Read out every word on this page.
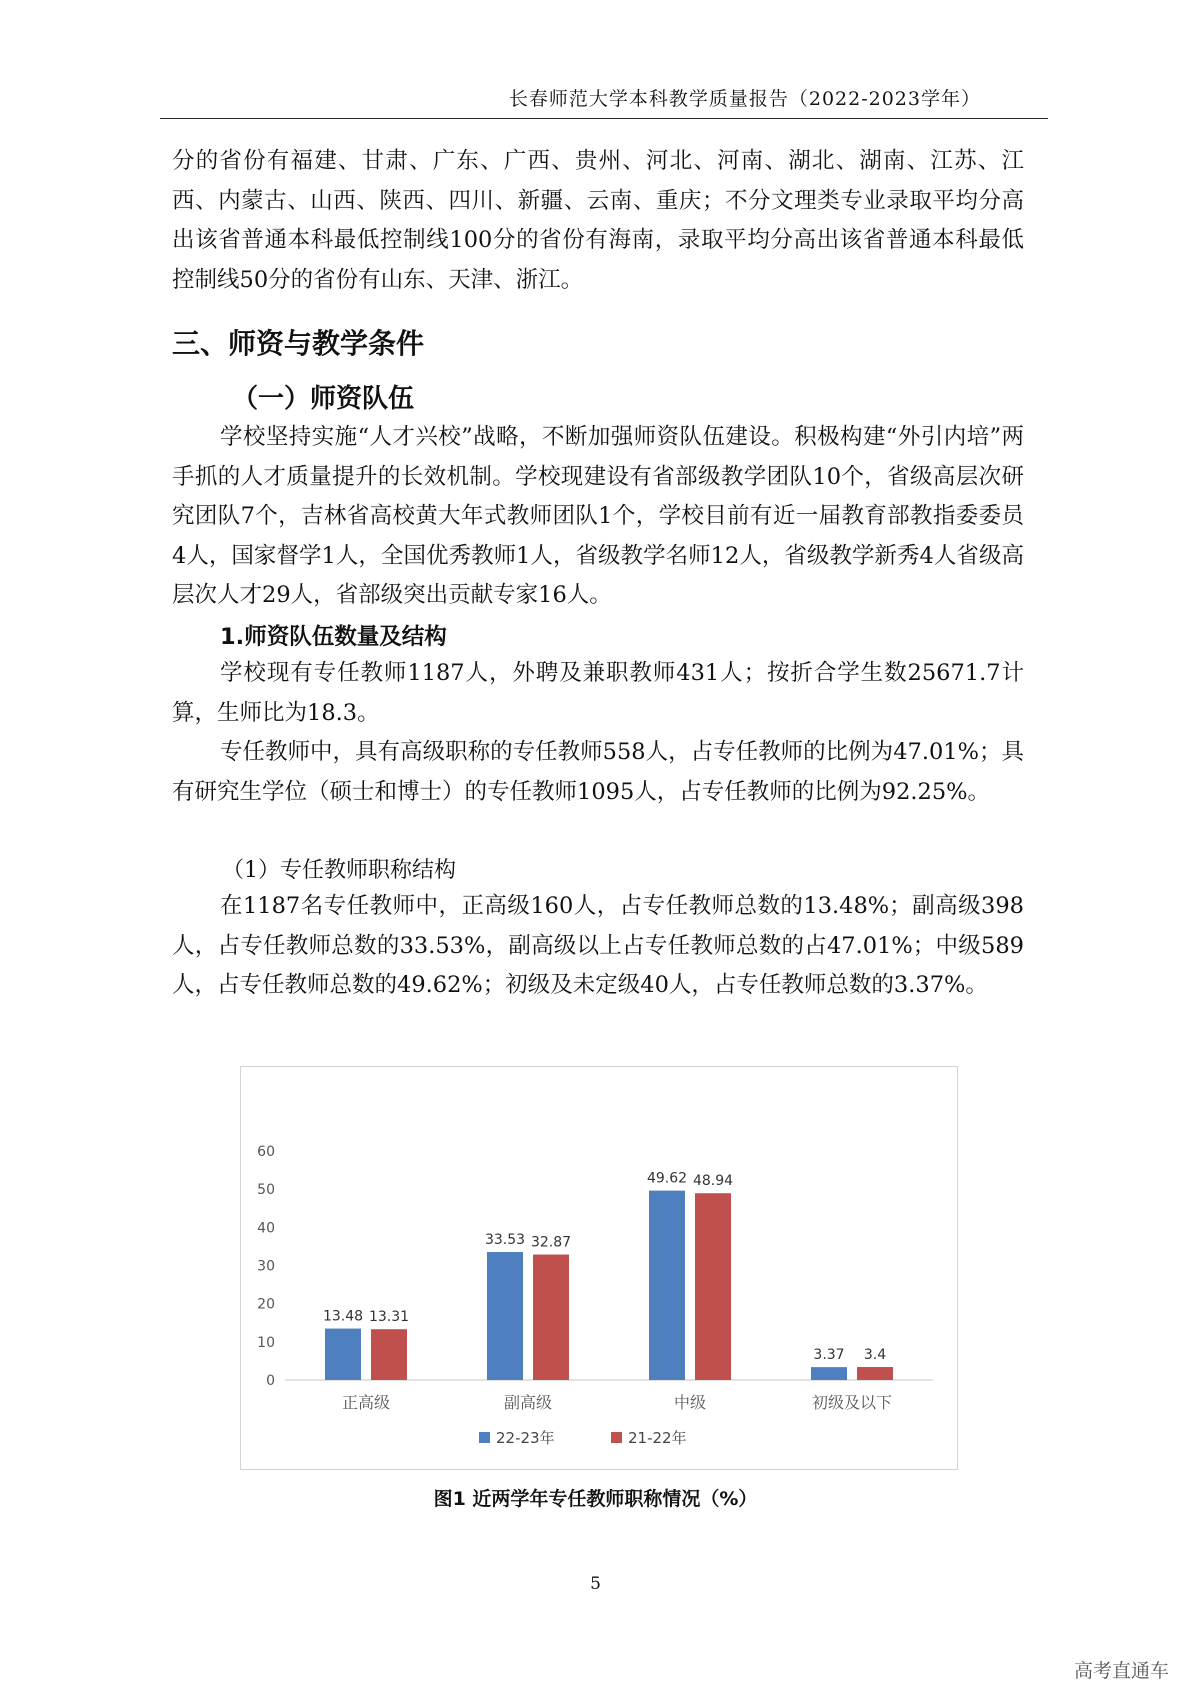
长春师范大学本科教学质量报告（2022-2023学年）

分的省份有福建、甘肃、广东、广西、贵州、河北、河南、湖北、湖南、江苏、江西、内蒙古、山西、陕西、四川、新疆、云南、重庆；不分文理类专业录取平均分高出该省普通本科最低控制线100分的省份有海南，录取平均分高出该省普通本科最低控制线50分的省份有山东、天津、浙江。

三、师资与教学条件
（一）师资队伍

学校坚持实施“人才兴校”战略，不断加强师资队伍建设。积极构建“外引内培”两手抓的人才质量提升的长效机制。学校现建设有省部级教学团队10个，省级高层次研究团队7个，吉林省高校黄大年式教师团队1个，学校目前有近一届教育部教指委委员4人，国家督学1人，全国优秀教师1人，省级教学名师12人，省级教学新秀4人省级高层次人才29人，省部级突出贡献专家16人。

1.师资队伍数量及结构

学校现有专任教师1187人，外聘及兼职教师431人；按折合学生数25671.7计算，生师比为18.3。

专任教师中，具有高级职称的专任教师558人，占专任教师的比例为47.01%；具有研究生学位（硕士和博士）的专任教师1095人，占专任教师的比例为92.25%。

（1）专任教师职称结构

在1187名专任教师中，正高级160人，占专任教师总数的13.48%；副高级398人，占专任教师总数的33.53%，副高级以上占专任教师总数的占47.01%；中级589人，占专任教师总数的49.62%；初级及未定级40人，占专任教师总数的3.37%。

0
10
20
30
40
50
60
13.48 13.31
正高级
33.53 32.87
副高级
49.62 48.94
中级
3.37 3.4
初级及以下
22-23年	21-22年
图1 近两学年专任教师职称情况（%）
5
高考直通车
